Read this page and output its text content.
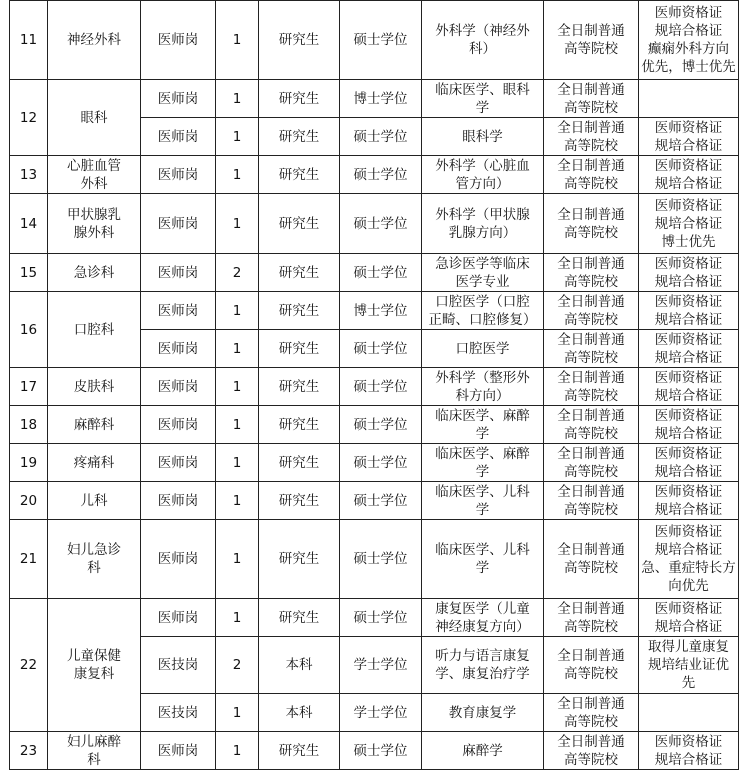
11	神经外科	医师岗	1	研究生	硕士学位	外科学（神经外
科）	全日制普通
高等院校	医师资格证
规培合格证
癫痫外科方向
优先，博士优先
12	眼科	医师岗	1	研究生	博士学位	临床医学、眼科
学	全日制普通
高等院校	
		医师岗	1	研究生	硕士学位	眼科学	全日制普通
高等院校	医师资格证
规培合格证
13	心脏血管
外科	医师岗	1	研究生	硕士学位	外科学（心脏血
管方向）	全日制普通
高等院校	医师资格证
规培合格证
14	甲状腺乳
腺外科	医师岗	1	研究生	硕士学位	外科学（甲状腺
乳腺方向）	全日制普通
高等院校	医师资格证
规培合格证
博士优先
15	急诊科	医师岗	2	研究生	硕士学位	急诊医学等临床
医学专业	全日制普通
高等院校	医师资格证
规培合格证
16	口腔科	医师岗	1	研究生	博士学位	口腔医学（口腔
正畸、口腔修复）	全日制普通
高等院校	医师资格证
规培合格证
		医师岗	1	研究生	硕士学位	口腔医学	全日制普通
高等院校	医师资格证
规培合格证
17	皮肤科	医师岗	1	研究生	硕士学位	外科学（整形外
科方向）	全日制普通
高等院校	医师资格证
规培合格证
18	麻醉科	医师岗	1	研究生	硕士学位	临床医学、麻醉
学	全日制普通
高等院校	医师资格证
规培合格证
19	疼痛科	医师岗	1	研究生	硕士学位	临床医学、麻醉
学	全日制普通
高等院校	医师资格证
规培合格证
20	儿科	医师岗	1	研究生	硕士学位	临床医学、儿科
学	全日制普通
高等院校	医师资格证
规培合格证
21	妇儿急诊
科	医师岗	1	研究生	硕士学位	临床医学、儿科
学	全日制普通
高等院校	医师资格证
规培合格证
急、重症特长方
向优先
22	儿童保健
康复科	医师岗	1	研究生	硕士学位	康复医学（儿童
神经康复方向）	全日制普通
高等院校	医师资格证
规培合格证
		医技岗	2	本科	学士学位	听力与语言康复
学、康复治疗学	全日制普通
高等院校	取得儿童康复
规培结业证优
先
		医技岗	1	本科	学士学位	教育康复学	全日制普通
高等院校	
23	妇儿麻醉
科	医师岗	1	研究生	硕士学位	麻醉学	全日制普通
高等院校	医师资格证
规培合格证
